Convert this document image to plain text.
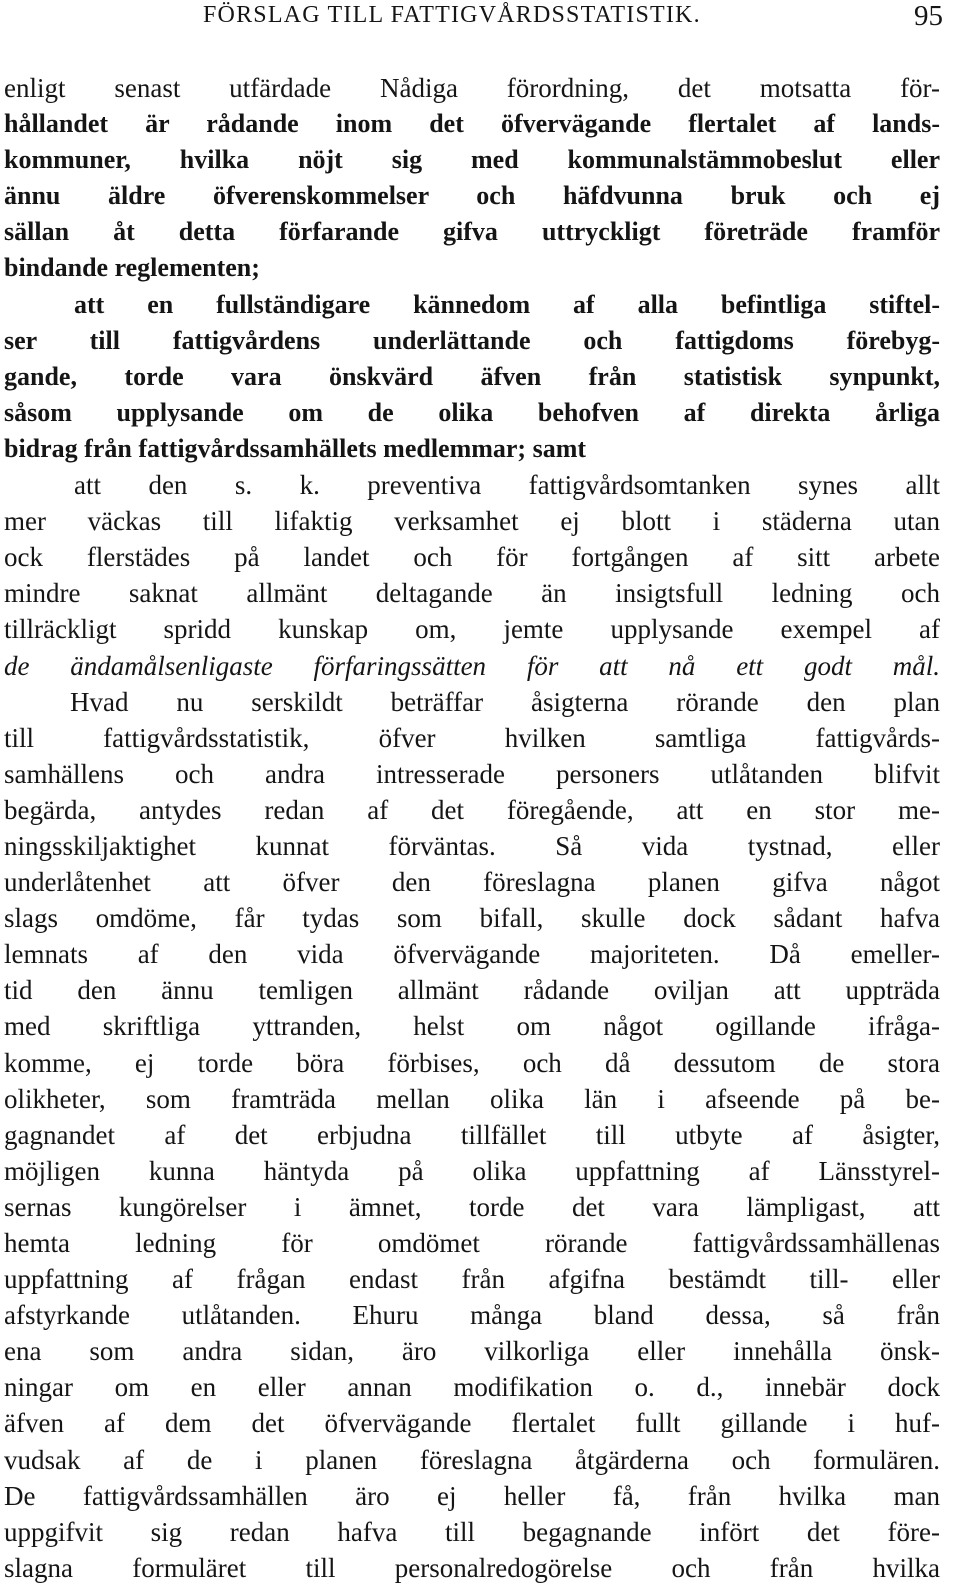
FÖRSLAG TILL FATTIGVÅRDSSTATISTIK.	95
enligt senast utfärdade Nådiga förordning, det motsatta för-
hållandet är rådande inom det öfvervägande flertalet af lands-
kommuner, hvilka nöjt sig med kommunalstämmobeslut eller
ännu äldre öfverenskommelser och häfdvunna bruk och ej
sällan åt detta förfarande gifva uttryckligt företräde framför
bindande reglementen;
att en fullständigare kännedom af alla befintliga stiftel-
ser till fattigvårdens underlättande och fattigdoms förebyg-
gande, torde vara önskvärd äfven från statistisk synpunkt,
såsom upplysande om de olika behofven af direkta årliga
bidrag från fattigvårdssamhällets medlemmar; samt
att den s. k. preventiva fattigvårdsomtanken synes allt
mer väckas till lifaktig verksamhet ej blott i städerna utan
ock flerstädes på landet och för fortgången af sitt arbete
mindre saknat allmänt deltagande än insigtsfull ledning och
tillräckligt spridd kunskap om, jemte upplysande exempel af
de ändamålsenligaste förfaringssätten för att nå ett godt mål.
Hvad nu serskildt beträffar åsigterna rörande den plan
till fattigvårdsstatistik, öfver hvilken samtliga fattigvårds-
samhällens och andra intresserade personers utlåtanden blifvit
begärda, antydes redan af det föregående, att en stor me-
ningsskiljaktighet kunnat förväntas. Så vida tystnad, eller
underlåtenhet att öfver den föreslagna planen gifva något
slags omdöme, får tydas som bifall, skulle dock sådant hafva
lemnats af den vida öfvervägande majoriteten. Då emeller-
tid den ännu temligen allmänt rådande oviljan att uppträda
med skriftliga yttranden, helst om något ogillande ifråga-
komme, ej torde böra förbises, och då dessutom de stora
olikheter, som framträda mellan olika län i afseende på be-
gagnandet af det erbjudna tillfället till utbyte af åsigter,
möjligen kunna häntyda på olika uppfattning af Länsstyrel-
sernas kungörelser i ämnet, torde det vara lämpligast, att
hemta ledning för omdömet rörande fattigvårdssamhällenas
uppfattning af frågan endast från afgifna bestämdt till- eller
afstyrkande utlåtanden. Ehuru många bland dessa, så från
ena som andra sidan, äro vilkorliga eller innehålla önsk-
ningar om en eller annan modifikation o. d., innebär dock
äfven af dem det öfvervägande flertalet fullt gillande i huf-
vudsak af de i planen föreslagna åtgärderna och formulären.
De fattigvårdssamhällen äro ej heller få, från hvilka man
uppgifvit sig redan hafva till begagnande infört det före-
slagna formuläret till personalredogörelse och från hvilka
